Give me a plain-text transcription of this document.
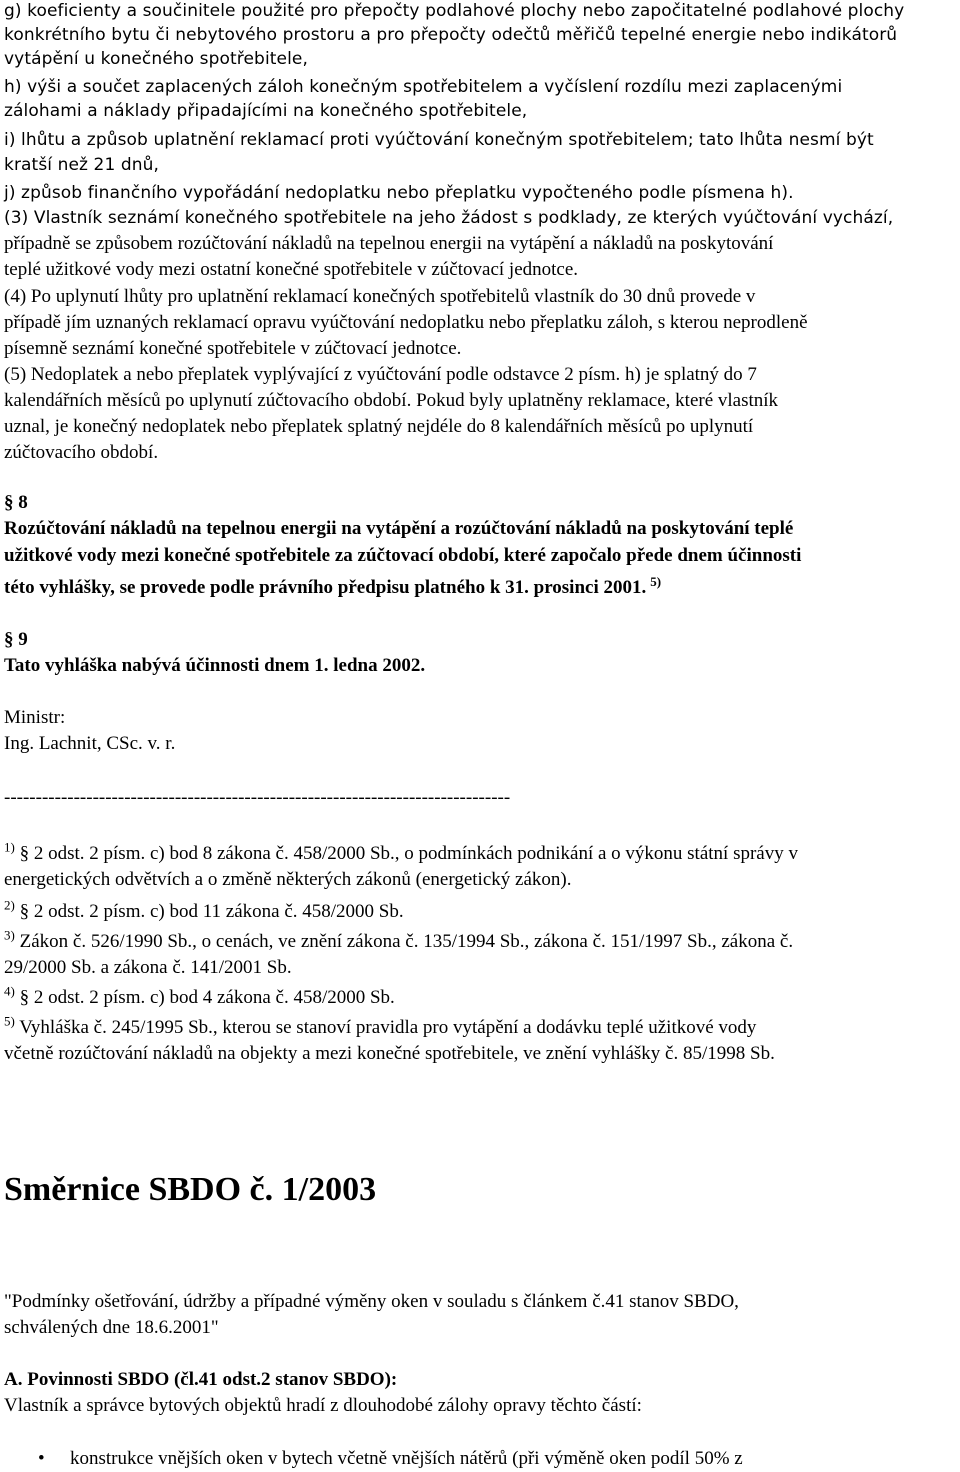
g) koeficienty a součinitele použité pro přepočty podlahové plochy nebo započitatelné podlahové plochy
konkrétního bytu či nebytového prostoru a pro přepočty odečtů měřičů tepelné energie nebo indikátorů
vytápění u konečného spotřebitele,
h) výši a součet zaplacených záloh konečným spotřebitelem a vyčíslení rozdílu mezi zaplacenými
zálohami a náklady připadajícími na konečného spotřebitele,
i) lhůtu a způsob uplatnění reklamací proti vyúčtování konečným spotřebitelem; tato lhůta nesmí být
kratší než 21 dnů,
j) způsob finančního vypořádání nedoplatku nebo přeplatku vypočteného podle písmena h).
(3) Vlastník seznámí konečného spotřebitele na jeho žádost s podklady, ze kterých vyúčtování vychází,
případně se způsobem rozúčtování nákladů na tepelnou energii na vytápění a nákladů na poskytování
teplé užitkové vody mezi ostatní konečné spotřebitele v zúčtovací jednotce.
(4) Po uplynutí lhůty pro uplatnění reklamací konečných spotřebitelů vlastník do 30 dnů provede v
případě jím uznaných reklamací opravu vyúčtování nedoplatku nebo přeplatku záloh, s kterou neprodleně
písemně seznámí konečné spotřebitele v zúčtovací jednotce.
(5) Nedoplatek a nebo přeplatek vyplývající z vyúčtování podle odstavce 2 písm. h) je splatný do 7
kalendářních měsíců po uplynutí zúčtovacího období. Pokud byly uplatněny reklamace, které vlastník
uznal, je konečný nedoplatek nebo přeplatek splatný nejdéle do 8 kalendářních měsíců po uplynutí
zúčtovacího období.
§ 8
Rozúčtování nákladů na tepelnou energii na vytápění a rozúčtování nákladů na poskytování teplé
užitkové vody mezi konečné spotřebitele za zúčtovací období, které započalo přede dnem účinnosti
této vyhlášky, se provede podle právního předpisu platného k 31. prosinci 2001. $^{5)}$
§ 9
Tato vyhláška nabývá účinnosti dnem 1. ledna 2002.
Ministr:
Ing. Lachnit, CSc. v. r.
--------------------------------------------------------------------------------
$^{1)}$ § 2 odst. 2 písm. c) bod 8 zákona č. 458/2000 Sb., o podmínkách podnikání a o výkonu státní správy v
energetických odvětvích a o změně některých zákonů (energetický zákon).
$^{2)}$ § 2 odst. 2 písm. c) bod 11 zákona č. 458/2000 Sb.
$^{3)}$ Zákon č. 526/1990 Sb., o cenách, ve znění zákona č. 135/1994 Sb., zákona č. 151/1997 Sb., zákona č.
29/2000 Sb. a zákona č. 141/2001 Sb.
$^{4)}$ § 2 odst. 2 písm. c) bod 4 zákona č. 458/2000 Sb.
$^{5)}$ Vyhláška č. 245/1995 Sb., kterou se stanoví pravidla pro vytápění a dodávku teplé užitkové vody
včetně rozúčtování nákladů na objekty a mezi konečné spotřebitele, ve znění vyhlášky č. 85/1998 Sb.
Směrnice SBDO č. 1/2003
"Podmínky ošetřování, údržby a případné výměny oken v souladu s článkem č.41 stanov SBDO,
schválených dne 18.6.2001"
A. Povinnosti SBDO (čl.41 odst.2 stanov SBDO):
Vlastník a správce bytových objektů hradí z dlouhodobé zálohy opravy těchto částí:
• konstrukce vnějších oken v bytech včetně vnějších nátěrů (při výměně oken podíl 50% z
